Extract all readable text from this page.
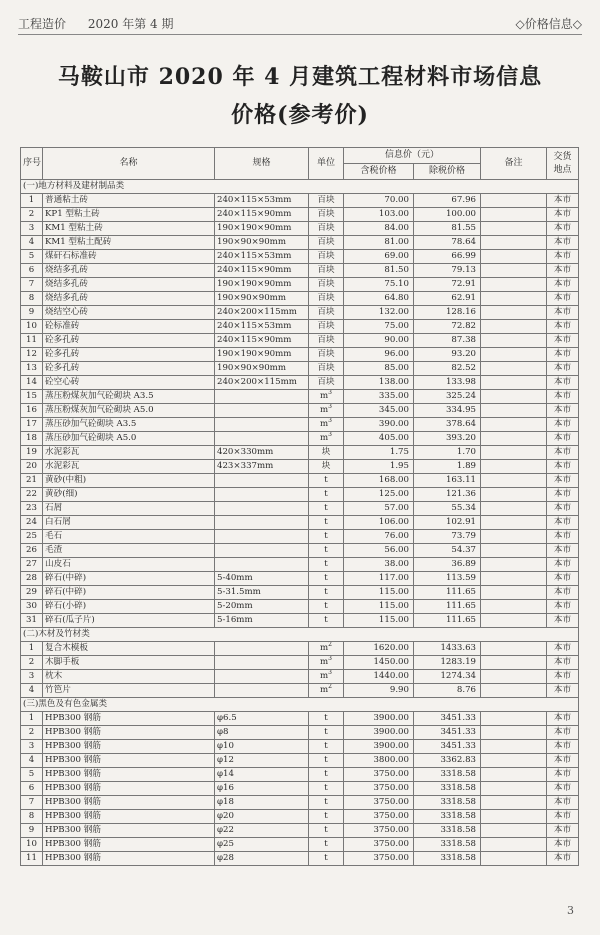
工程造价 2020 年第 4 期	◇价格信息◇
马鞍山市 2020 年 4 月建筑工程材料市场信息
价格(参考价)
序号	名称	规格	单位	信息价（元）		备注	交货
地点

				含税价格	除税价格		
(一)地方材料及建材制品类							
1	普通粘土砖	240×115×53mm	百块	70.00	67.96		本市
2	KP1 型粘土砖	240×115×90mm	百块	103.00	100.00		本市
3	KM1 型粘土砖	190×190×90mm	百块	84.00	81.55		本市
4	KM1 型粘土配砖	190×90×90mm	百块	81.00	78.64		本市
5	煤矸石标准砖	240×115×53mm	百块	69.00	66.99		本市
6	烧结多孔砖	240×115×90mm	百块	81.50	79.13		本市
7	烧结多孔砖	190×190×90mm	百块	75.10	72.91		本市
8	烧结多孔砖	190×90×90mm	百块	64.80	62.91		本市
9	烧结空心砖	240×200×115mm	百块	132.00	128.16		本市
10	砼标准砖	240×115×53mm	百块	75.00	72.82		本市
11	砼多孔砖	240×115×90mm	百块	90.00	87.38		本市
12	砼多孔砖	190×190×90mm	百块	96.00	93.20		本市
13	砼多孔砖	190×90×90mm	百块	85.00	82.52		本市
14	砼空心砖	240×200×115mm	百块	138.00	133.98		本市
15	蒸压粉煤灰加气砼砌块 A3.5		$m^3$	335.00	325.24		本市
16	蒸压粉煤灰加气砼砌块 A5.0		$m^3$	345.00	334.95		本市
17	蒸压砂加气砼砌块 A3.5		$m^3$	390.00	378.64		本市
18	蒸压砂加气砼砌块 A5.0		$m^3$	405.00	393.20		本市
19	水泥彩瓦	420×330mm	块	1.75	1.70		本市
20	水泥彩瓦	423×337mm	块	1.95	1.89		本市
21	黄砂(中粗)		t	168.00	163.11		本市
22	黄砂(细)		t	125.00	121.36		本市
23	石屑		t	57.00	55.34		本市
24	白石屑		t	106.00	102.91		本市
25	毛石		t	76.00	73.79		本市
26	毛渣		t	56.00	54.37		本市
27	山皮石		t	38.00	36.89		本市
28	碎石(中碎)	5-40mm	t	117.00	113.59		本市
29	碎石(中碎)	5-31.5mm	t	115.00	111.65		本市
30	碎石(小碎)	5-20mm	t	115.00	111.65		本市
31	碎石(瓜子片)	5-16mm	t	115.00	111.65		本市
(二)木材及竹材类							
1	复合木模板		$m^2$	1620.00	1433.63		本市
2	木脚手板		$m^3$	1450.00	1283.19		本市
3	枕木		$m^3$	1440.00	1274.34		本市
4	竹笆片		$m^2$	9.90	8.76		本市
(三)黑色及有色金属类							
1	HPB300 钢筋	φ6.5	t	3900.00	3451.33		本市
2	HPB300 钢筋	φ8	t	3900.00	3451.33		本市
3	HPB300 钢筋	φ10	t	3900.00	3451.33		本市
4	HPB300 钢筋	φ12	t	3800.00	3362.83		本市
5	HPB300 钢筋	φ14	t	3750.00	3318.58		本市
6	HPB300 钢筋	φ16	t	3750.00	3318.58		本市
7	HPB300 钢筋	φ18	t	3750.00	3318.58		本市
8	HPB300 钢筋	φ20	t	3750.00	3318.58		本市
9	HPB300 钢筋	φ22	t	3750.00	3318.58		本市
10	HPB300 钢筋	φ25	t	3750.00	3318.58		本市
11	HPB300 钢筋	φ28	t	3750.00	3318.58		本市
3
